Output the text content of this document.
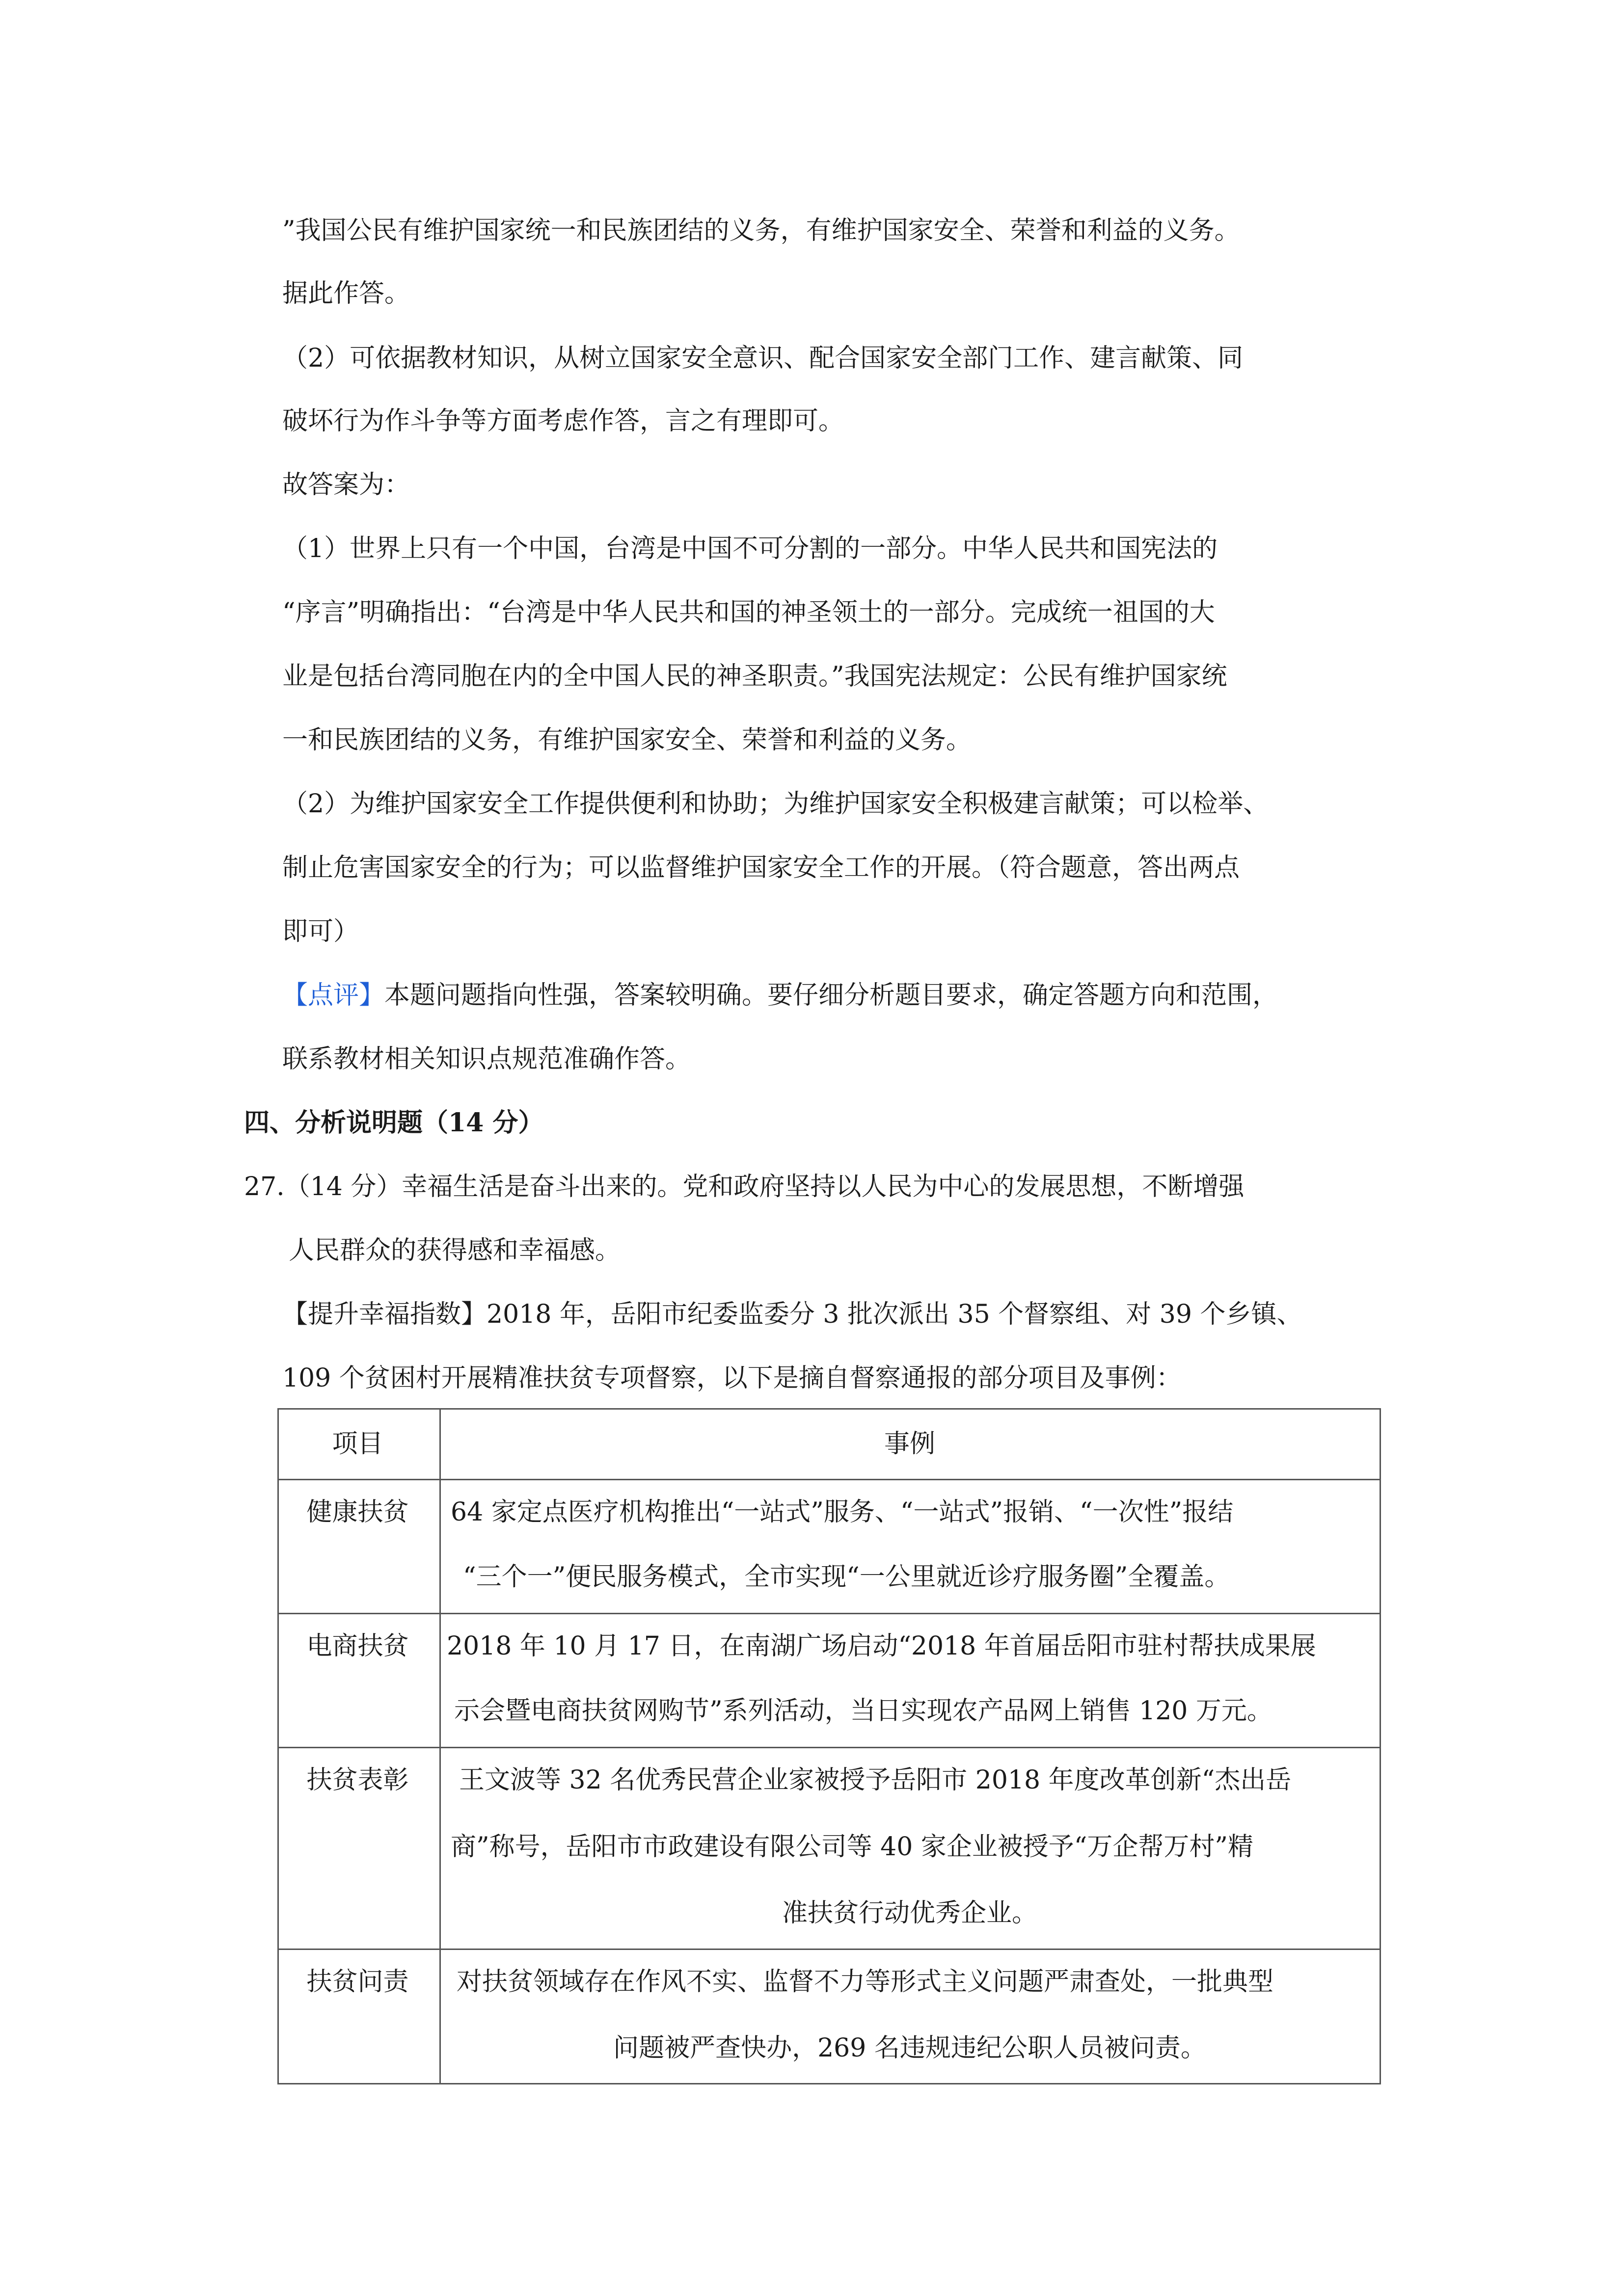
”我国公民有维护国家统一和民族团结的义务，有维护国家安全、荣誉和利益的义务。
据此作答。
（2）可依据教材知识，从树立国家安全意识、配合国家安全部门工作、建言献策、同
破坏行为作斗争等方面考虑作答，言之有理即可。
故答案为：
（1）世界上只有一个中国，台湾是中国不可分割的一部分。中华人民共和国宪法的
“序言”明确指出：“台湾是中华人民共和国的神圣领土的一部分。完成统一祖国的大
业是包括台湾同胞在内的全中国人民的神圣职责。”我国宪法规定：公民有维护国家统
一和民族团结的义务，有维护国家安全、荣誉和利益的义务。
（2）为维护国家安全工作提供便利和协助；为维护国家安全积极建言献策；可以检举、
制止危害国家安全的行为；可以监督维护国家安全工作的开展。（符合题意，答出两点
即可）
【点评】本题问题指向性强，答案较明确。要仔细分析题目要求，确定答题方向和范围，
联系教材相关知识点规范准确作答。
四、分析说明题（14 分）
27.（14 分）幸福生活是奋斗出来的。党和政府坚持以人民为中心的发展思想，不断增强
人民群众的获得感和幸福感。
【提升幸福指数】2018 年，岳阳市纪委监委分 3 批次派出 35 个督察组、对 39 个乡镇、
109 个贫困村开展精准扶贫专项督察，以下是摘自督察通报的部分项目及事例：

项目	事例
健康扶贫	64 家定点医疗机构推出“一站式”服务、“一站式”报销、“一次性”报结
“三个一”便民服务模式，全市实现“一公里就近诊疗服务圈”全覆盖。
电商扶贫	2018 年 10 月 17 日，在南湖广场启动“2018 年首届岳阳市驻村帮扶成果展
示会暨电商扶贫网购节”系列活动，当日实现农产品网上销售 120 万元。
扶贫表彰	王文波等 32 名优秀民营企业家被授予岳阳市 2018 年度改革创新“杰出岳
商”称号，岳阳市市政建设有限公司等 40 家企业被授予“万企帮万村”精
准扶贫行动优秀企业。
扶贫问责	对扶贫领域存在作风不实、监督不力等形式主义问题严肃查处，一批典型
问题被严查快办，269 名违规违纪公职人员被问责。
